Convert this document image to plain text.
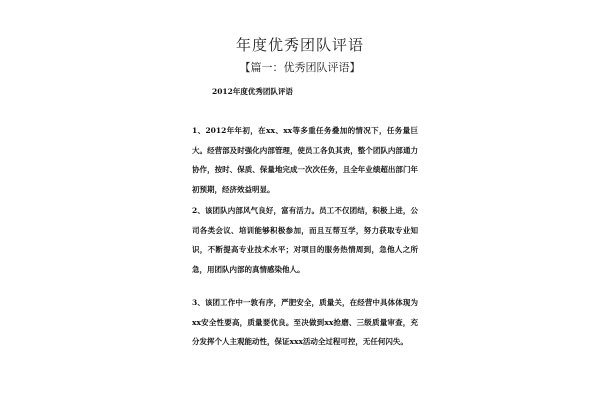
年度优秀团队评语
【篇一：优秀团队评语】
2012年度优秀团队评语
1、2012年年初，在xx、xx等多重任务叠加的情况下，任务量巨大。经营部及时强化内部管理，使员工各负其责，整个团队内部通力协作，按时、保质、保量地完成一次次任务，且全年业绩超出部门年初预期，经济效益明显。
2、该团队内部风气良好，富有活力。员工不仅团结，积极上进，公司各类会议、培训能够积极参加，而且互帮互学，努力获取专业知识，不断提高专业技术水平；对项目的服务热情周到，急他人之所急，用团队内部的真情感染他人。
3、该团工作中一敦有序，严肥安全，质量关，在经营中具体体现为xx安全性要高，质量要优良。至决做到xx抢磨、三级质量审查，充分发挥个人主观能动性，保证xxx活动全过程可控，无任何闪失。
